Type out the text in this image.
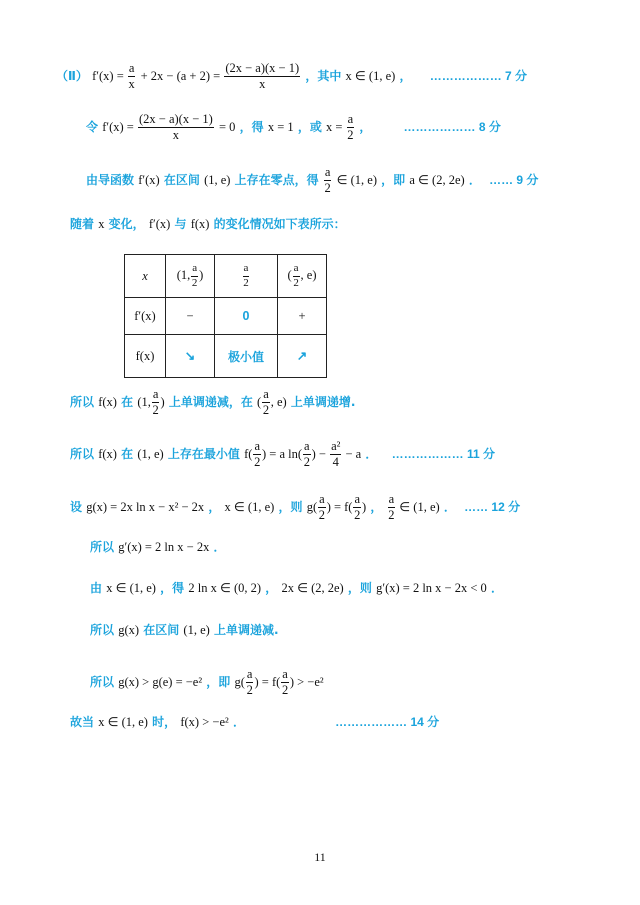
（Ⅱ） $f'(x) = \frac{a}{x} + 2x - (a + 2) = \frac{(2x - a)(x - 1)}{x}$ ，其中 x ∈ (1, e) ， ……………… 7 分
令 $f'(x) = \frac{(2x - a)(x - 1)}{x} = 0$ ，得 x = 1 ，或 $x = \frac{a}{2}$ ，	……………… 8 分
由导函数 f′(x) 在区间 (1, e) 上存在零点，得 $\frac{a}{2}$ ∈ (1, e) ，即 a ∈ (2, 2e) ． …… 9 分
随着 x 变化， f′(x) 与 f(x) 的变化情况如下表所示：
x	(1, $\frac{a}{2}$ )	$\frac{a}{2}$	( $\frac{a}{2}$ , e)
f′(x)	−	0	+
f(x)	↘	极小值	↗
所以 f(x) 在 (1, $\frac{a}{2}$ ) 上单调递减，在 ( $\frac{a}{2}$ , e) 上单调递增.
所以 f(x) 在 (1, e) 上存在最小值 $f( \frac{a}{2}$ ) = a $\ln( \frac{a}{2}$ ) − $\frac{\text{a²}}{4} - a$ ． ……………… 11 分
设 g(x) = 2x ln x − x² − 2x ， x ∈ (1, e) ，则 $g( \frac{a}{2}$ ) = $f( \frac{a}{2}$ ) ， $\frac{a}{2}$ ∈ (1, e) ． …… 12 分
所以 g′(x) = 2 ln x − 2x ．
由 x ∈ (1, e) ，得 2 ln x ∈ (0, 2) ， 2x ∈ (2, 2e) ，则 g′(x) = 2 ln x − 2x < 0 ．
所以 g(x) 在区间 (1, e) 上单调递减.
所以 g(x) > g(e) = −e² ，即 $g( \frac{a}{2}$ ) = $f( \frac{a}{2}$ ) > −e²
故当 x ∈ (1, e) 时， f(x) > −e² ．	……………… 14 分
11
